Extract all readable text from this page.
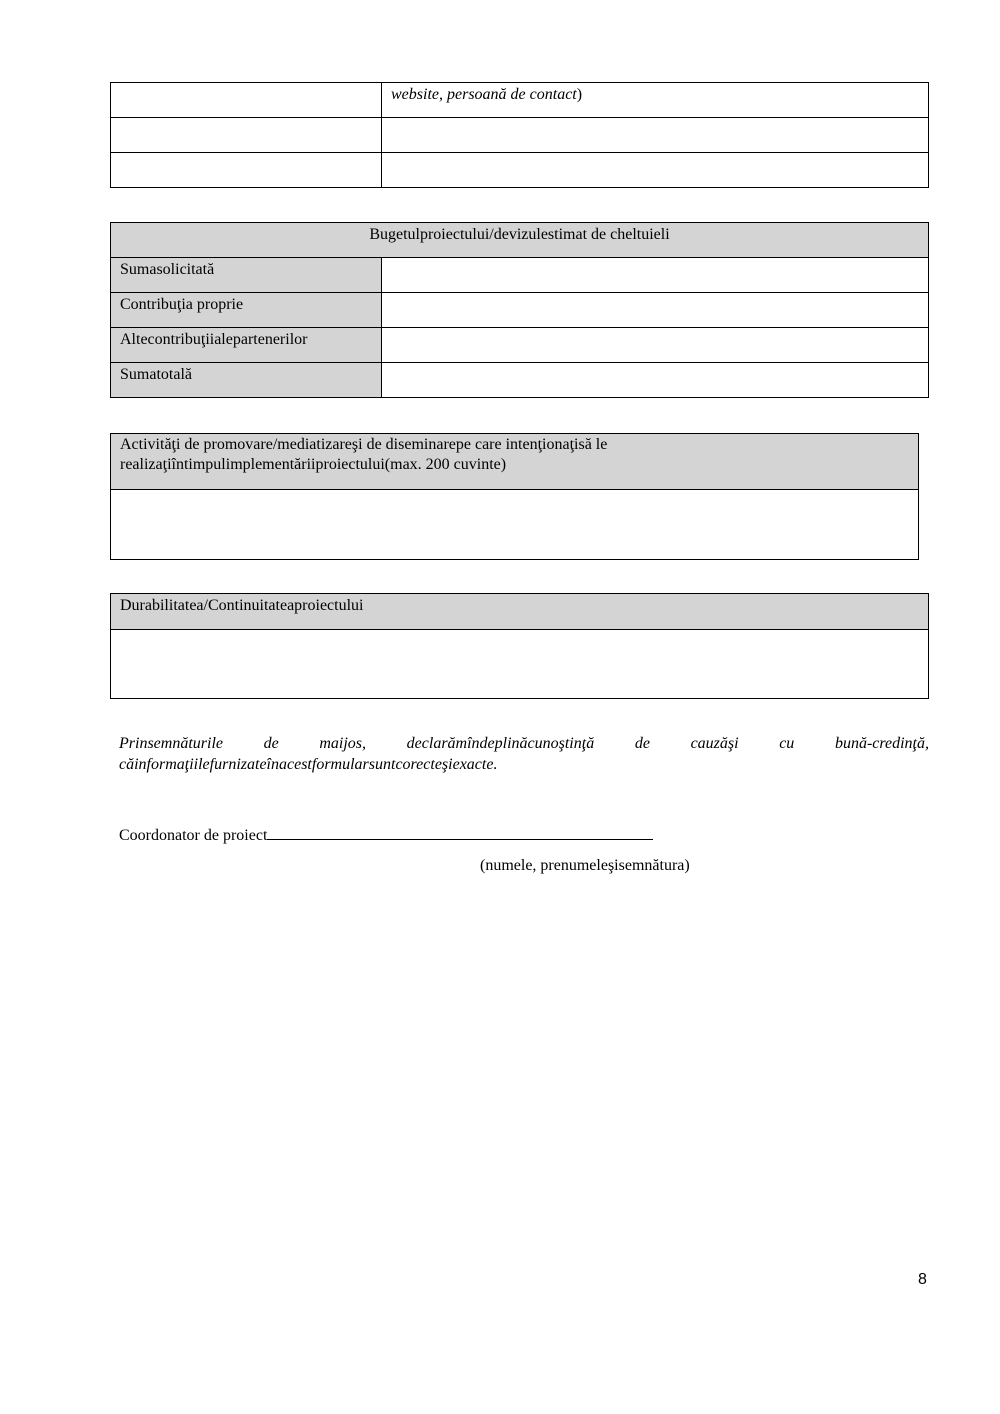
	website, persoană de contact)

Bugetulproiectului/devizulestimat de cheltuieli	
Sumasolicitată	
Contribuţia proprie	
Altecontribuţiialepartenerilor	
Sumatotală	
Activităţi de promovare/mediatizareşi de diseminarepe care intenţionaţisă le
realizaţiîntimpulimplementăriiproiectului(max. 200 cuvinte)

Durabilitatea/Continuitateaproiectului

Prinsemnăturile de maijos, declarămîndeplinăcunoştinţă de cauzăşi cu bună-credinţă,
căinformaţiilefurnizateînacestformularsuntcorecteşiexacte.
Coordonator de proiect
(numele, prenumeleşisemnătura)
8
